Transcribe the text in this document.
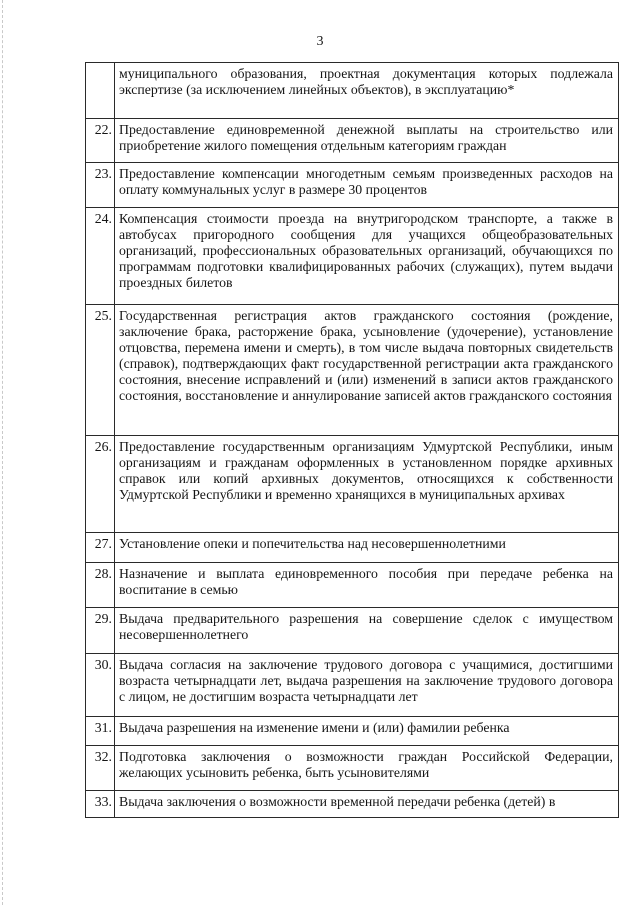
3

	муниципального образования, проектная документация которых подлежала экспертизе (за исключением линейных объектов), в эксплуатацию*

22.	Предоставление единовременной денежной выплаты на строительство или приобретение жилого помещения отдельным категориям граждан

23.	Предоставление компенсации многодетным семьям произведенных расходов на оплату коммунальных услуг в размере 30 процентов

24.	Компенсация стоимости проезда на внутригородском транспорте, а также в автобусах пригородного сообщения для учащихся общеобразовательных организаций, профессиональных образовательных организаций, обучающихся по программам подготовки квалифицированных рабочих (служащих), путем выдачи проездных билетов

25.	Государственная регистрация актов гражданского состояния (рождение, заключение брака, расторжение брака, усыновление (удочерение), установление отцовства, перемена имени и смерть), в том числе выдача повторных свидетельств (справок), подтверждающих факт государственной регистрации акта гражданского состояния, внесение исправлений и (или) изменений в записи актов гражданского состояния, восстановление и аннулирование записей актов гражданского состояния

26.	Предоставление государственным организациям Удмуртской Республики, иным организациям и гражданам оформленных в установленном порядке архивных справок или копий архивных документов, относящихся к собственности Удмуртской Республики и временно хранящихся в муниципальных архивах

27.	Установление опеки и попечительства над несовершеннолетними

28.	Назначение и выплата единовременного пособия при передаче ребенка на воспитание в семью

29.	Выдача предварительного разрешения на совершение сделок с имуществом несовершеннолетнего

30.	Выдача согласия на заключение трудового договора с учащимися, достигшими возраста четырнадцати лет, выдача разрешения на заключение трудового договора с лицом, не достигшим возраста четырнадцати лет

31.	Выдача разрешения на изменение имени и (или) фамилии ребенка

32.	Подготовка заключения о возможности граждан Российской Федерации, желающих усыновить ребенка, быть усыновителями

33.	Выдача заключения о возможности временной передачи ребенка (детей) в
